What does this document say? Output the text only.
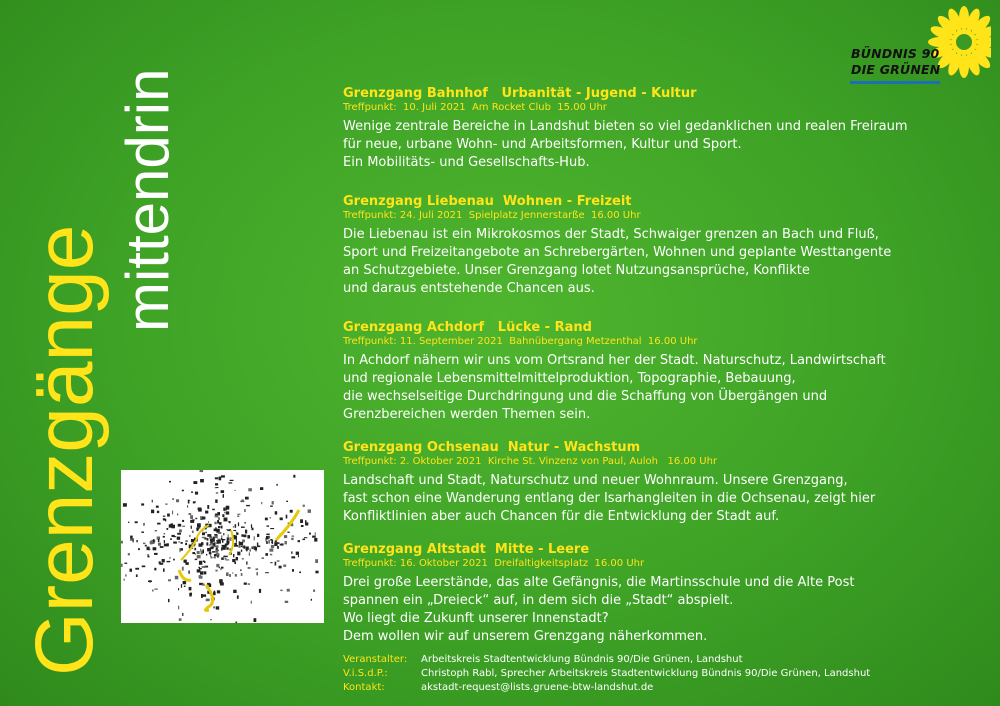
Grenzgänge
mittendrin
BÜNDNIS 90
DIE GRÜNEN
Grenzgang Bahnhof   Urbanität - Jugend - Kultur
Treffpunkt:  10. Juli 2021  Am Rocket Club  15.00 Uhr
Wenige zentrale Bereiche in Landshut bieten so viel gedanklichen und realen Freiraum
für neue, urbane Wohn- und Arbeitsformen, Kultur und Sport.
Ein Mobilitäts- und Gesellschafts-Hub.
Grenzgang Liebenau  Wohnen - Freizeit
Treffpunkt: 24. Juli 2021  Spielplatz Jennerstarße  16.00 Uhr
Die Liebenau ist ein Mikrokosmos der Stadt, Schwaiger grenzen an Bach und Fluß,
Sport und Freizeitangebote an Schrebergärten, Wohnen und geplante Westtangente
an Schutzgebiete. Unser Grenzgang lotet Nutzungsansprüche, Konflikte
und daraus entstehende Chancen aus.
Grenzgang Achdorf   Lücke - Rand
Treffpunkt: 11. September 2021  Bahnübergang Metzenthal  16.00 Uhr
In Achdorf nähern wir uns vom Ortsrand her der Stadt. Naturschutz, Landwirtschaft
und regionale Lebensmittelmittelproduktion, Topographie, Bebauung,
die wechselseitige Durchdringung und die Schaffung von Übergängen und
Grenzbereichen werden Themen sein.
Grenzgang Ochsenau  Natur - Wachstum
Treffpunkt: 2. Oktober 2021  Kirche St. Vinzenz von Paul, Auloh   16.00 Uhr
Landschaft und Stadt, Naturschutz und neuer Wohnraum. Unsere Grenzgang,
fast schon eine Wanderung entlang der Isarhangleiten in die Ochsenau, zeigt hier
Konfliktlinien aber auch Chancen für die Entwicklung der Stadt auf.
Grenzgang Altstadt  Mitte - Leere
Treffpunkt: 16. Oktober 2021  Dreifaltigkeitsplatz  16.00 Uhr
Drei große Leerstände, das alte Gefängnis, die Martinsschule und die Alte Post
spannen ein „Dreieck“ auf, in dem sich die „Stadt“ abspielt.
Wo liegt die Zukunft unserer Innenstadt?
Dem wollen wir auf unserem Grenzgang näherkommen.
Veranstalter: Arbeitskreis Stadtentwicklung Bündnis 90/Die Grünen, Landshut
V.i.S.d.P.:	Christoph Rabl, Sprecher Arbeitskreis Stadtentwicklung Bündnis 90/Die Grünen, Landshut
Kontakt:	akstadt-request@lists.gruene-btw-landshut.de
